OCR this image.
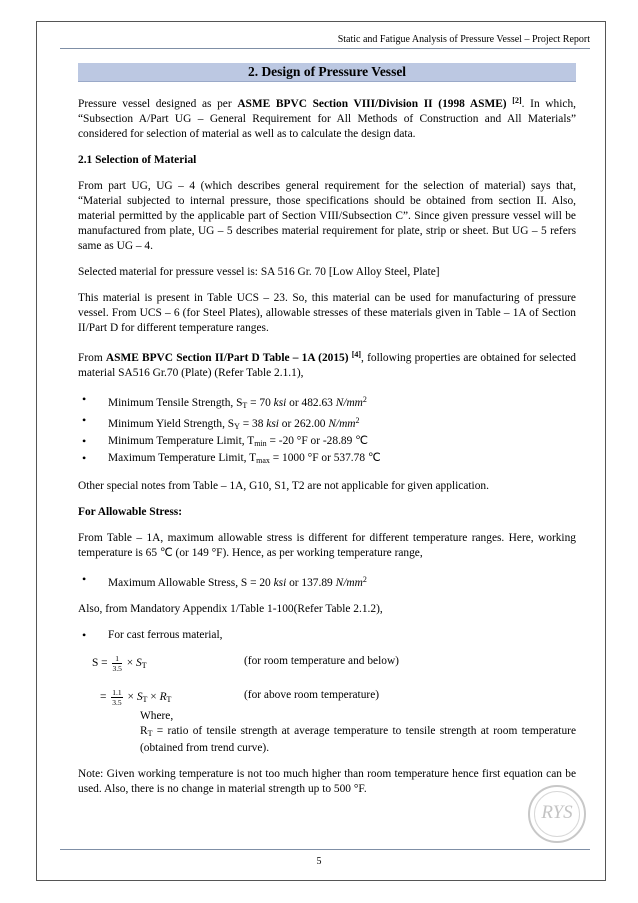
Static and Fatigue Analysis of Pressure Vessel – Project Report
2. Design of Pressure Vessel

Pressure vessel designed as per ASME BPVC Section VIII/Division II (1998 ASME) [2]. In which, “Subsection A/Part UG – General Requirement for All Methods of Construction and All Materials” considered for selection of material as well as to calculate the design data.

2.1 Selection of Material

From part UG, UG – 4 (which describes general requirement for the selection of material) says that, “Material subjected to internal pressure, those specifications should be obtained from section II. Also, material permitted by the applicable part of Section VIII/Subsection C”. Since given pressure vessel will be manufactured from plate, UG – 5 describes material requirement for plate, strip or sheet. But UG – 5 refers same as UG – 4.

Selected material for pressure vessel is: SA 516 Gr. 70 [Low Alloy Steel, Plate]

This material is present in Table UCS – 23. So, this material can be used for manufacturing of pressure vessel. From UCS – 6 (for Steel Plates), allowable stresses of these materials given in Table – 1A of Section II/Part D for different temperature ranges.

From ASME BPVC Section II/Part D Table – 1A (2015) [4], following properties are obtained for selected material SA516 Gr.70 (Plate) (Refer Table 2.1.1),

• Minimum Tensile Strength, $S_T = 70$ ksi or 482.63 $N/mm^2$
• Minimum Yield Strength, $S_Y = 38$ ksi or 262.00 $N/mm^2$
• Minimum Temperature Limit, $T_{min} = -20$ °F or -28.89 ℃
• Maximum Temperature Limit, $T_{max} = 1000$ °F or 537.78 ℃

Other special notes from Table – 1A, G10, S1, T2 are not applicable for given application.

For Allowable Stress:

From Table – 1A, maximum allowable stress is different for different temperature ranges. Here, working temperature is 65 ℃ (or 149 °F). Hence, as per working temperature range,

• Maximum Allowable Stress, S = 20 ksi or 137.89 $N/mm^2$

Also, from Mandatory Appendix 1/Table 1-100(Refer Table 2.1.2),

• For cast ferrous material,
$S = \frac{1}{3.5} \times S_T$	(for room temperature and below)
= $\frac{1.1}{3.5} \times S_T \times R_T$	(for above room temperature)

Where,

$R_T$ = ratio of tensile strength at average temperature to tensile strength at room temperature (obtained from trend curve).

Note: Given working temperature is not too much higher than room temperature hence first equation can be used. Also, there is no change in material strength up to 500 °F.

RYS
5
